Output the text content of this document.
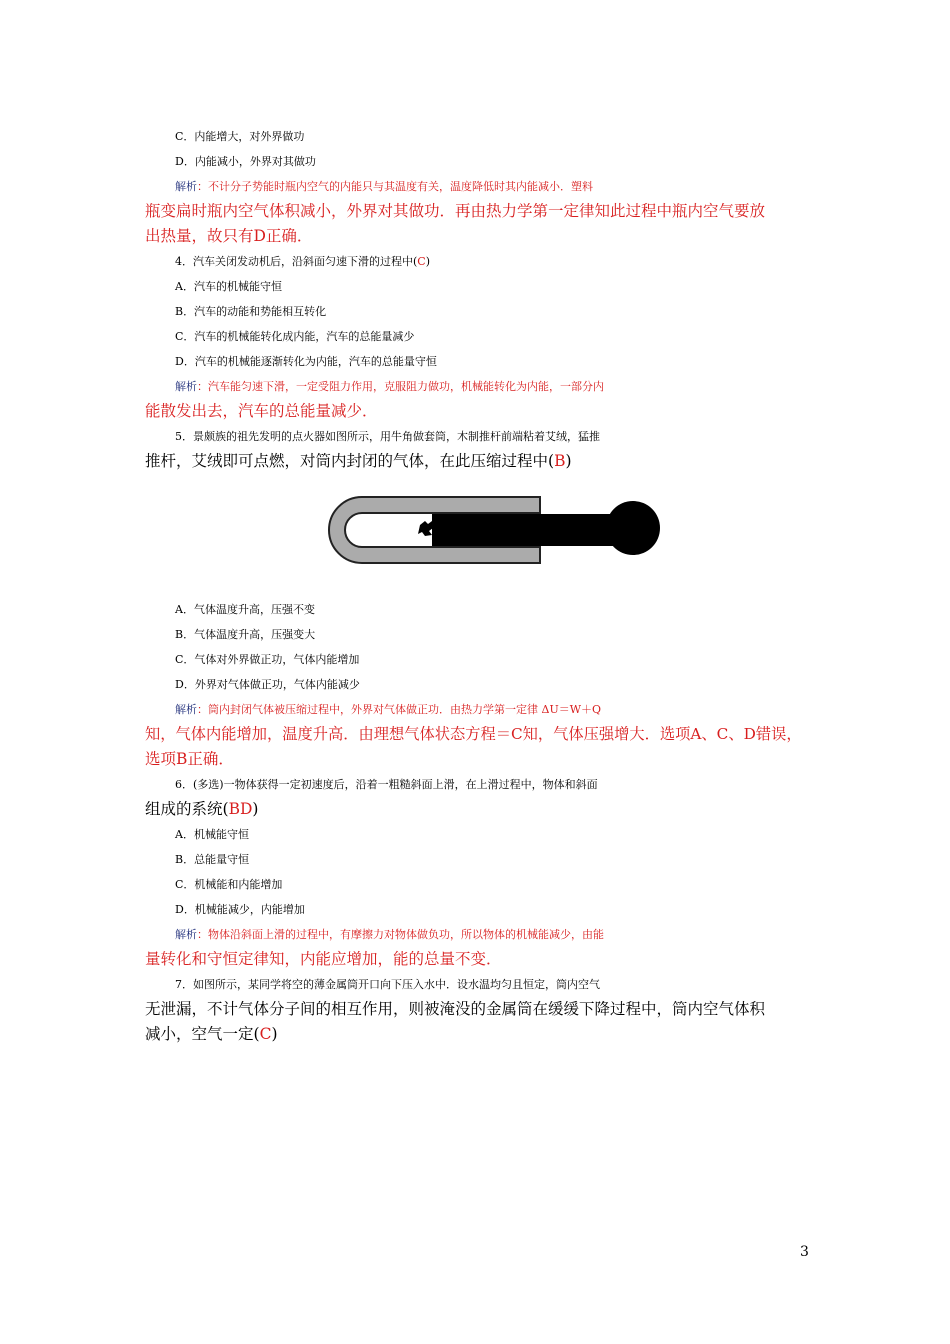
C．内能增大，对外界做功
D．内能减小，外界对其做功
解析：不计分子势能时瓶内空气的内能只与其温度有关，温度降低时其内能减小．塑料
瓶变扁时瓶内空气体积减小，外界对其做功．再由热力学第一定律知此过程中瓶内空气要放
出热量，故只有D正确．
4．汽车关闭发动机后，沿斜面匀速下滑的过程中(C)
A．汽车的机械能守恒
B．汽车的动能和势能相互转化
C．汽车的机械能转化成内能，汽车的总能量减少
D．汽车的机械能逐渐转化为内能，汽车的总能量守恒
解析：汽车能匀速下滑，一定受阻力作用，克服阻力做功，机械能转化为内能，一部分内
能散发出去，汽车的总能量减少．
5．景颇族的祖先发明的点火器如图所示，用牛角做套筒，木制推杆前端粘着艾绒，猛推
推杆，艾绒即可点燃，对筒内封闭的气体，在此压缩过程中(B)
A．气体温度升高，压强不变
B．气体温度升高，压强变大
C．气体对外界做正功，气体内能增加
D．外界对气体做正功，气体内能减少
解析：筒内封闭气体被压缩过程中，外界对气体做正功．由热力学第一定律 ΔU＝W＋Q
知，气体内能增加，温度升高．由理想气体状态方程＝C知，气体压强增大．选项A、C、D错误，
选项B正确．
6．(多选)一物体获得一定初速度后，沿着一粗糙斜面上滑，在上滑过程中，物体和斜面
组成的系统(BD)
A．机械能守恒
B．总能量守恒
C．机械能和内能增加
D．机械能减少，内能增加
解析：物体沿斜面上滑的过程中，有摩擦力对物体做负功，所以物体的机械能减少，由能
量转化和守恒定律知，内能应增加，能的总量不变．
7．如图所示，某同学将空的薄金属筒开口向下压入水中．设水温均匀且恒定，筒内空气
无泄漏，不计气体分子间的相互作用，则被淹没的金属筒在缓缓下降过程中，筒内空气体积
减小，空气一定(C)
3
